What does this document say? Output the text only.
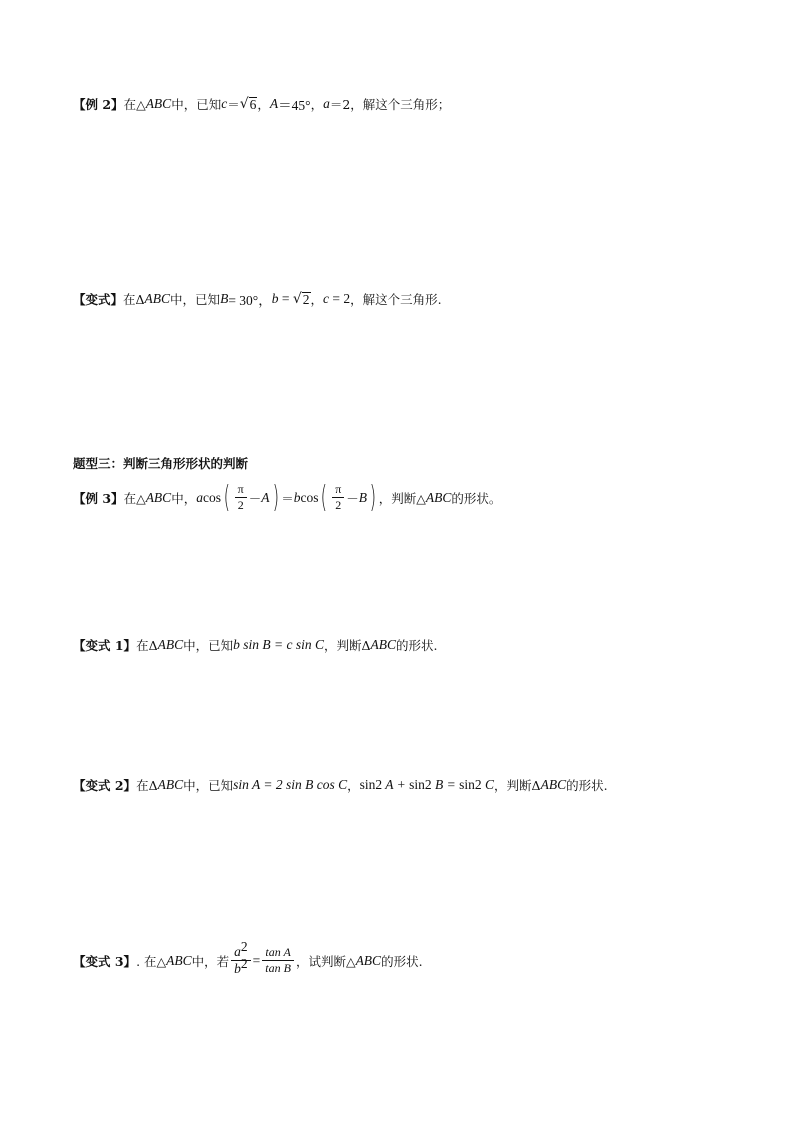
【例 2】 在△ ABC 中，已知 c ＝ √ 6 ， A ＝45° ， a ＝2，解这个三角形；
【变式】 在Δ ABC 中，已知 B = 30°， b = √ 2 ， c = 2 ，解这个三角形.
题型三：判断三角形形状的判断
【例 3】 在△ ABC 中， a cos ( $\frac{\pi}{2} - A$ ) ＝ b cos ( $\frac{\pi}{2} - B$ ) ，判断△ ABC 的形状。
【变式 1】 在Δ ABC 中，已知 b sin B = c sin C ，判断Δ ABC 的形状.
【变式 2】 在Δ ABC 中，已知 sin A = 2 sin B cos C ， sin 2 A + sin 2 B = sin 2 C ，判断Δ ABC 的形状.
【变式 3】 . 在△ ABC 中，若 $\frac{a^2}{b^2} = \frac{\text{tan A}}{\text{tan B}}$ ，试判断△ ABC 的形状.
